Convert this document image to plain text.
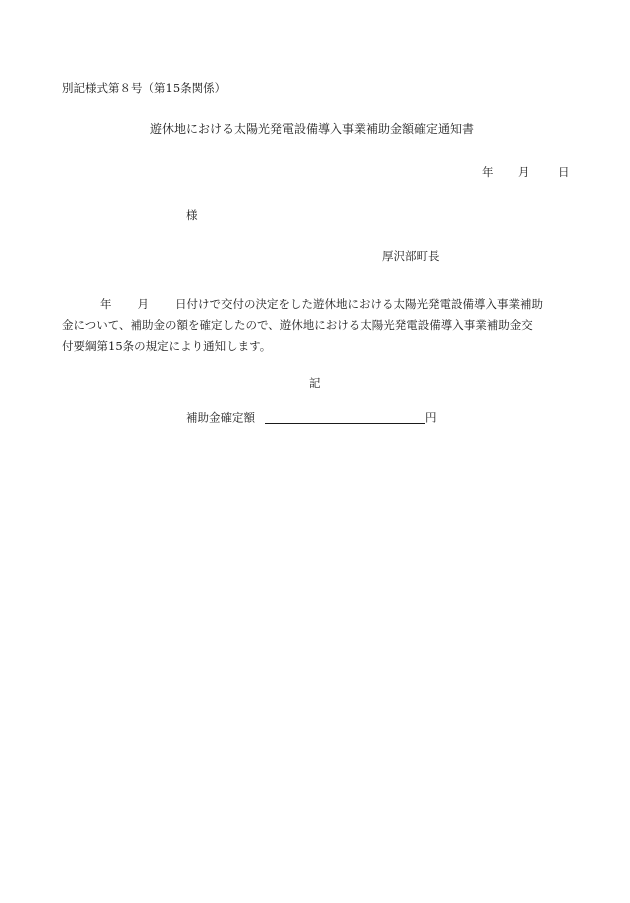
別記様式第８号（第15条関係）
遊休地における太陽光発電設備導入事業補助金額確定通知書
年 月 日
様
厚沢部町長
年 月 日付けで交付の決定をした遊休地における太陽光発電設備導入事業補助
金について、補助金の額を確定したので、遊休地における太陽光発電設備導入事業補助金交
付要綱第15条の規定により通知します。
記
補助金確定額	円
